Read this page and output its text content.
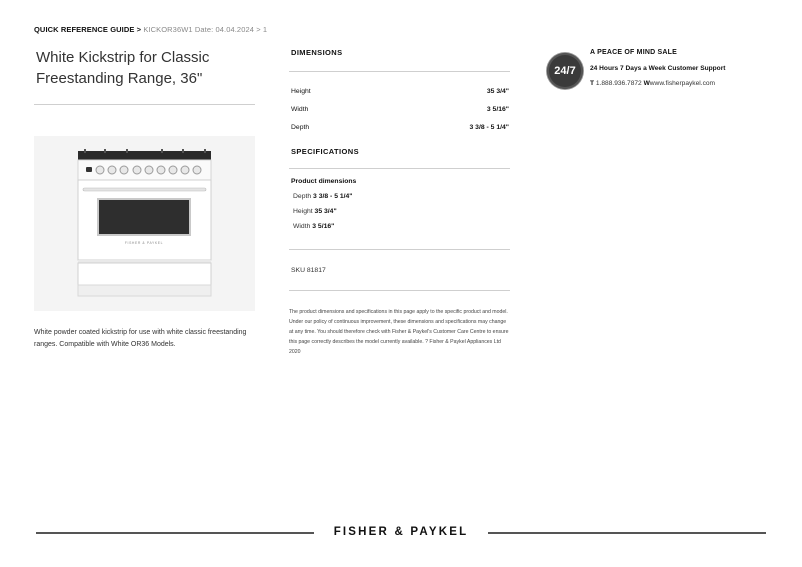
QUICK REFERENCE GUIDE > KICKOR36W1 Date: 04.04.2024 > 1
White Kickstrip for Classic Freestanding Range, 36"
FISHER & PAYKEL
White powder coated kickstrip for use with white classic freestanding ranges. Compatible with White OR36 Models.
DIMENSIONS
Height	35 3/4"
Width	3 5/16"
Depth	3 3/8 - 5 1/4"
SPECIFICATIONS
Product dimensions
Depth 3 3/8 - 5 1/4"
Height 35 3/4"
Width 3 5/16"
SKU 81817
The product dimensions and specifications in this page apply to the specific product and model. Under our policy of continuous improvement, these dimensions and specifications may change at any time. You should therefore check with Fisher & Paykel's Customer Care Centre to ensure this page correctly describes the model currently available. ? Fisher & Paykel Appliances Ltd 2020
24/7
A PEACE OF MIND SALE
24 Hours 7 Days a Week Customer Support
T 1.888.936.7872 Wwww.fisherpaykel.com
FISHER & PAYKEL
